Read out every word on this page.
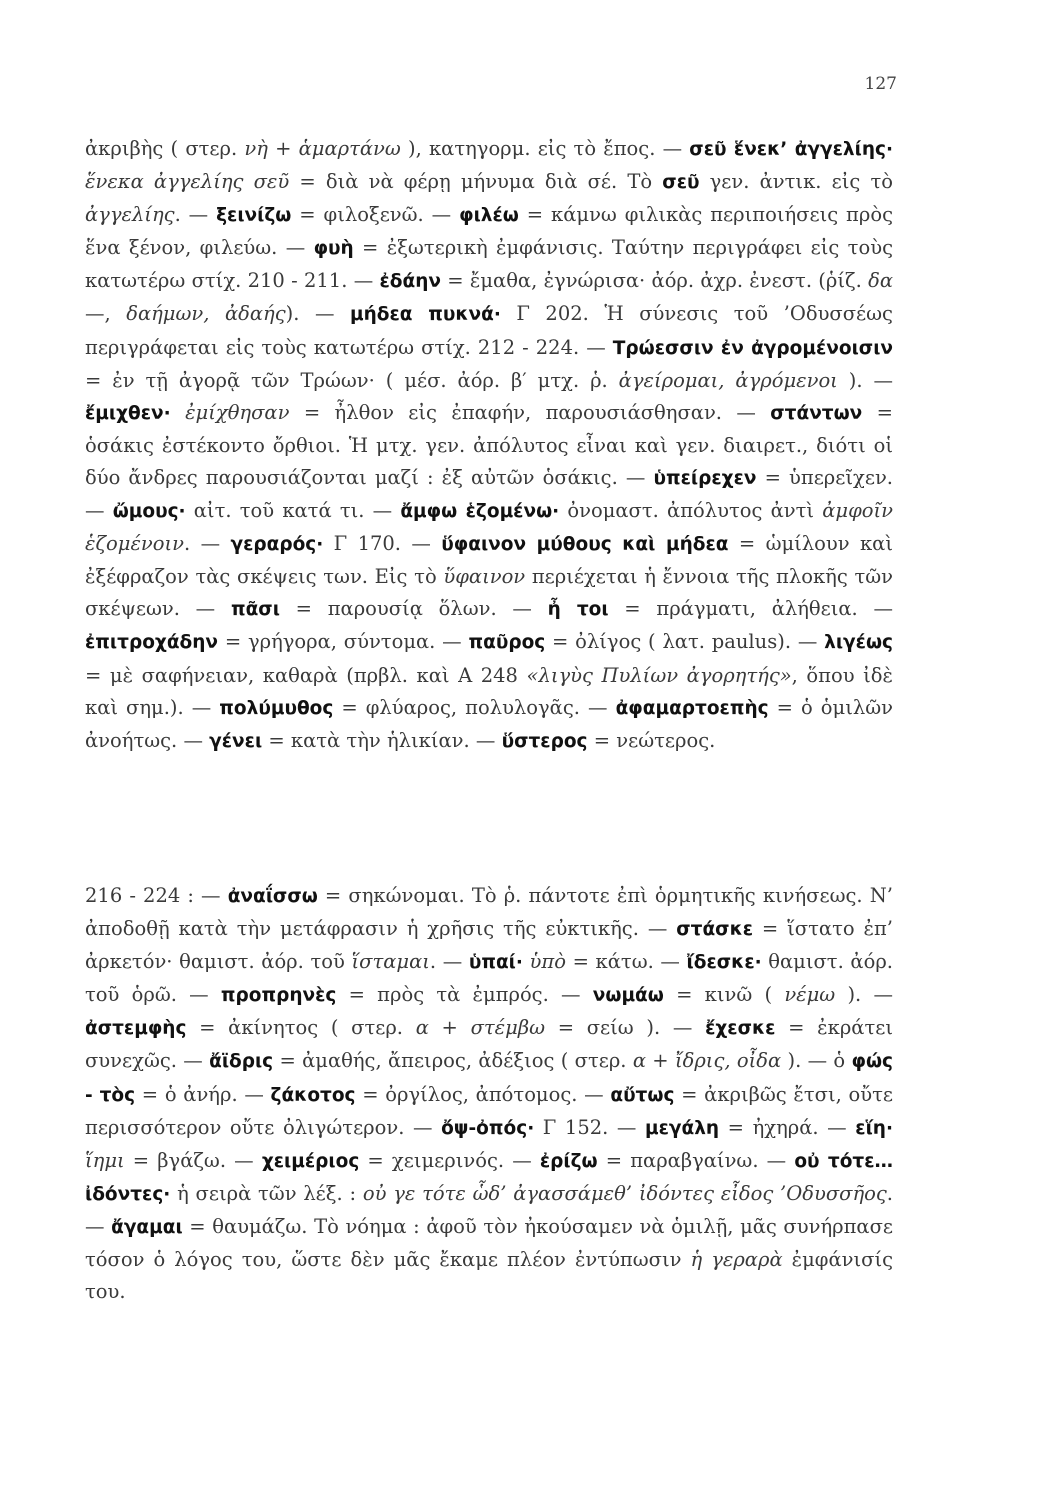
127

ἀκριβὴς ( στερ. νὴ + ἁμαρτάνω ), κατηγορμ. εἰς τὸ ἔπος. — σεῦ ἕνεκ’ ἀγγελίης· ἕνεκα ἀγγελίης σεῦ = διὰ νὰ φέρῃ μήνυμα διὰ σέ. Τὸ σεῦ γεν. ἀντικ. εἰς τὸ ἀγγελίης. — ξεινίζω = φιλοξενῶ. — φιλέω = κάμνω φιλικὰς περιποιήσεις πρὸς ἕνα ξένον, φιλεύω. — φυὴ = ἐξωτερικὴ ἐμφάνισις. Ταύτην περιγράφει εἰς τοὺς κατωτέρω στίχ. 210 - 211. — ἐδάην = ἔμαθα, ἐγνώρισα· ἀόρ. ἀχρ. ἐνεστ. (ῥίζ. δα —, δαήμων, ἀδαής). — μήδεα πυκνά· Γ 202. Ἡ σύνεσις τοῦ ’Οδυσσέως περιγράφεται εἰς τοὺς κατωτέρω στίχ. 212 - 224. — Τρώεσσιν ἐν ἀγρομένοισιν = ἐν τῇ ἀγορᾷ τῶν Τρώων· ( μέσ. ἀόρ. β′ μτχ. ῥ. ἀγείρομαι, ἀγρόμενοι ). — ἔμιχθεν· ἐμίχθησαν = ἦλθον εἰς ἐπαφήν, παρουσιάσθησαν. — στάντων = ὁσάκις ἐστέκοντο ὄρθιοι. Ἡ μτχ. γεν. ἀπόλυτος εἶναι καὶ γεν. διαιρετ., διότι οἱ δύο ἄνδρες παρουσιάζονται μαζί : ἐξ αὐτῶν ὁσάκις. — ὑπείρεχεν = ὑπερεῖχεν. — ὤμους· αἰτ. τοῦ κατά τι. — ἄμφω ἑζομένω· ὀνομαστ. ἀπόλυτος ἀντὶ ἀμφοῖν ἑζομένοιν. — γεραρός· Γ 170. — ὕφαινον μύθους καὶ μήδεα = ὡμίλουν καὶ ἐξέφραζον τὰς σκέψεις των. Εἰς τὸ ὕφαινον περιέχεται ἡ ἔννοια τῆς πλοκῆς τῶν σκέψεων. — πᾶσι = παρουσίᾳ ὅλων. — ἦ τοι = πράγματι, ἀλήθεια. — ἐπιτροχάδην = γρήγορα, σύντομα. — παῦρος = ὀλίγος ( λατ. paulus). — λιγέως = μὲ σαφήνειαν, καθαρὰ (πρβλ. καὶ Α 248 «λιγὺς Πυλίων ἀγορητής», ὅπου ἰδὲ καὶ σημ.). — πολύμυθος = φλύαρος, πολυλογᾶς. — ἀφαμαρτοεπὴς = ὁ ὁμιλῶν ἀνοήτως. — γένει = κατὰ τὴν ἡλικίαν. — ὕστερος = νεώτερος.

216 - 224 : — ἀναΐσσω = σηκώνομαι. Τὸ ῥ. πάντοτε ἐπὶ ὁρμητικῆς κινήσεως. Ν’ ἀποδοθῇ κατὰ τὴν μετάφρασιν ἡ χρῆσις τῆς εὐκτικῆς. — στάσκε = ἵστατο ἐπ’ ἀρκετόν· θαμιστ. ἀόρ. τοῦ ἵσταμαι. — ὑπαί· ὑπὸ = κάτω. — ἴδεσκε· θαμιστ. ἀόρ. τοῦ ὁρῶ. — προπρηνὲς = πρὸς τὰ ἐμπρός. — νωμάω = κινῶ ( νέμω ). — ἀστεμφὴς = ἀκίνητος ( στερ. α + στέμβω = σείω ). — ἔχεσκε = ἐκράτει συνεχῶς. — ἄϊδρις = ἀμαθής, ἄπειρος, ἀδέξιος ( στερ. α + ἴδρις, οἶδα ). — ὁ φώς - τὸς = ὁ ἀνήρ. — ζάκοτος = ὀργίλος, ἀπότομος. — αὔτως = ἀκριβῶς ἔτσι, οὔτε περισσότερον οὔτε ὀλιγώτερον. — ὄψ-ὀπός· Γ 152. — μεγάλη = ἠχηρά. — εἵη· ἵημι = βγάζω. — χειμέριος = χειμερινός. — ἐρίζω = παραβγαίνω. — οὐ τότε… ἰδόντες· ἡ σειρὰ τῶν λέξ. : οὐ γε τότε ὧδ’ ἀγασσάμεθ’ ἰδόντες εἶδος ’Οδυσσῆος. — ἄγαμαι = θαυμάζω. Τὸ νόημα : ἀφοῦ τὸν ἠκούσαμεν νὰ ὁμιλῇ, μᾶς συνήρπασε τόσον ὁ λόγος του, ὥστε δὲν μᾶς ἔκαμε πλέον ἐντύπωσιν ἡ γεραρὰ ἐμφάνισίς του.
